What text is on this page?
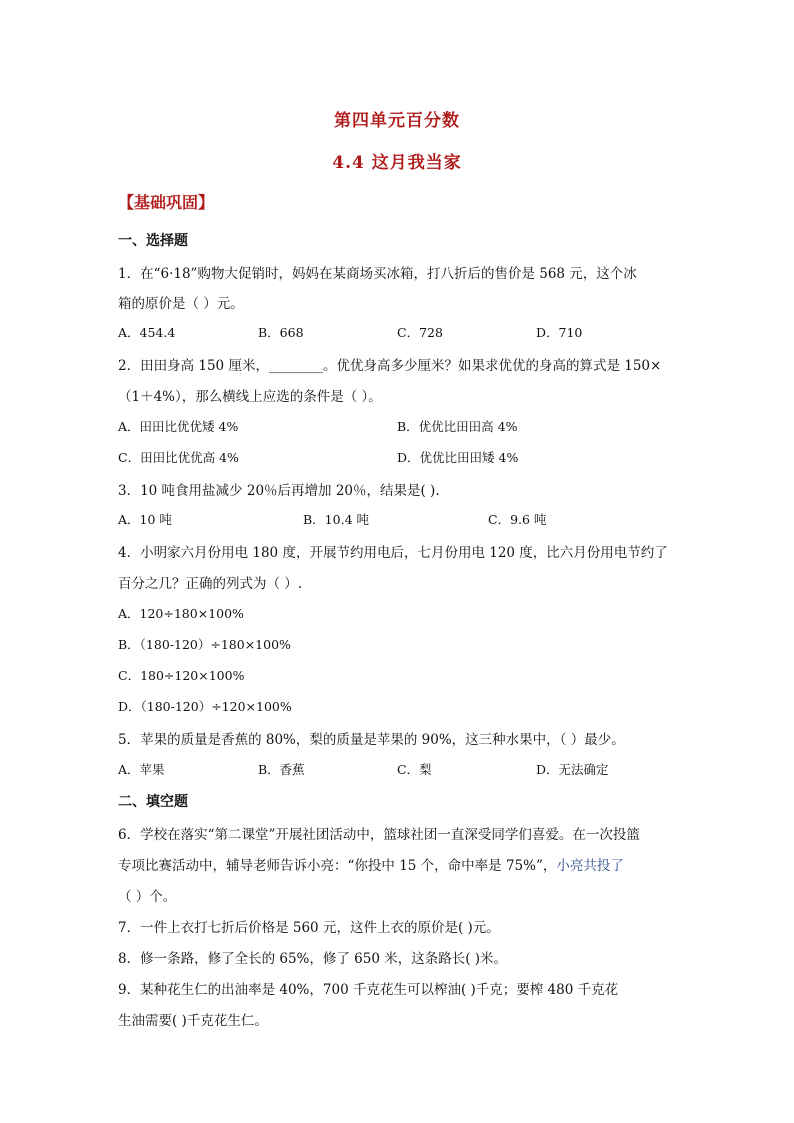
第四单元百分数
4.4 这月我当家
【基础巩固】
一、选择题
1．在“6·18”购物大促销时，妈妈在某商场买冰箱，打八折后的售价是 568 元，这个冰
箱的原价是（ ）元。
A．454.4	B．668	C．728	D．710
2．田田身高 150 厘米，________。优优身高多少厘米？如果求优优的身高的算式是 150×
（1＋4%），那么横线上应选的条件是（ ）。
A．田田比优优矮 4%	B．优优比田田高 4%
C．田田比优优高 4%	D．优优比田田矮 4%
3．10 吨食用盐减少 20％后再增加 20％，结果是( ).
A．10 吨	B．10.4 吨	C．9.6 吨
4．小明家六月份用电 180 度，开展节约用电后，七月份用电 120 度，比六月份用电节约了
百分之几？正确的列式为（ ）.
A．120÷180×100%
B．（180-120）÷180×100%
C．180÷120×100%
D．（180-120）÷120×100%
5．苹果的质量是香蕉的 80%，梨的质量是苹果的 90%，这三种水果中，（ ）最少。
A．苹果	B．香蕉	C．梨	D．无法确定
二、填空题
6．学校在落实“第二课堂”开展社团活动中，篮球社团一直深受同学们喜爱。在一次投篮
专项比赛活动中，辅导老师告诉小亮：“你投中 15 个，命中率是 75%”，小亮共投了
（ ）个。
7．一件上衣打七折后价格是 560 元，这件上衣的原价是( )元。
8．修一条路，修了全长的 65%，修了 650 米，这条路长( )米。
9．某种花生仁的出油率是 40%，700 千克花生可以榨油( )千克；要榨 480 千克花
生油需要( )千克花生仁。
